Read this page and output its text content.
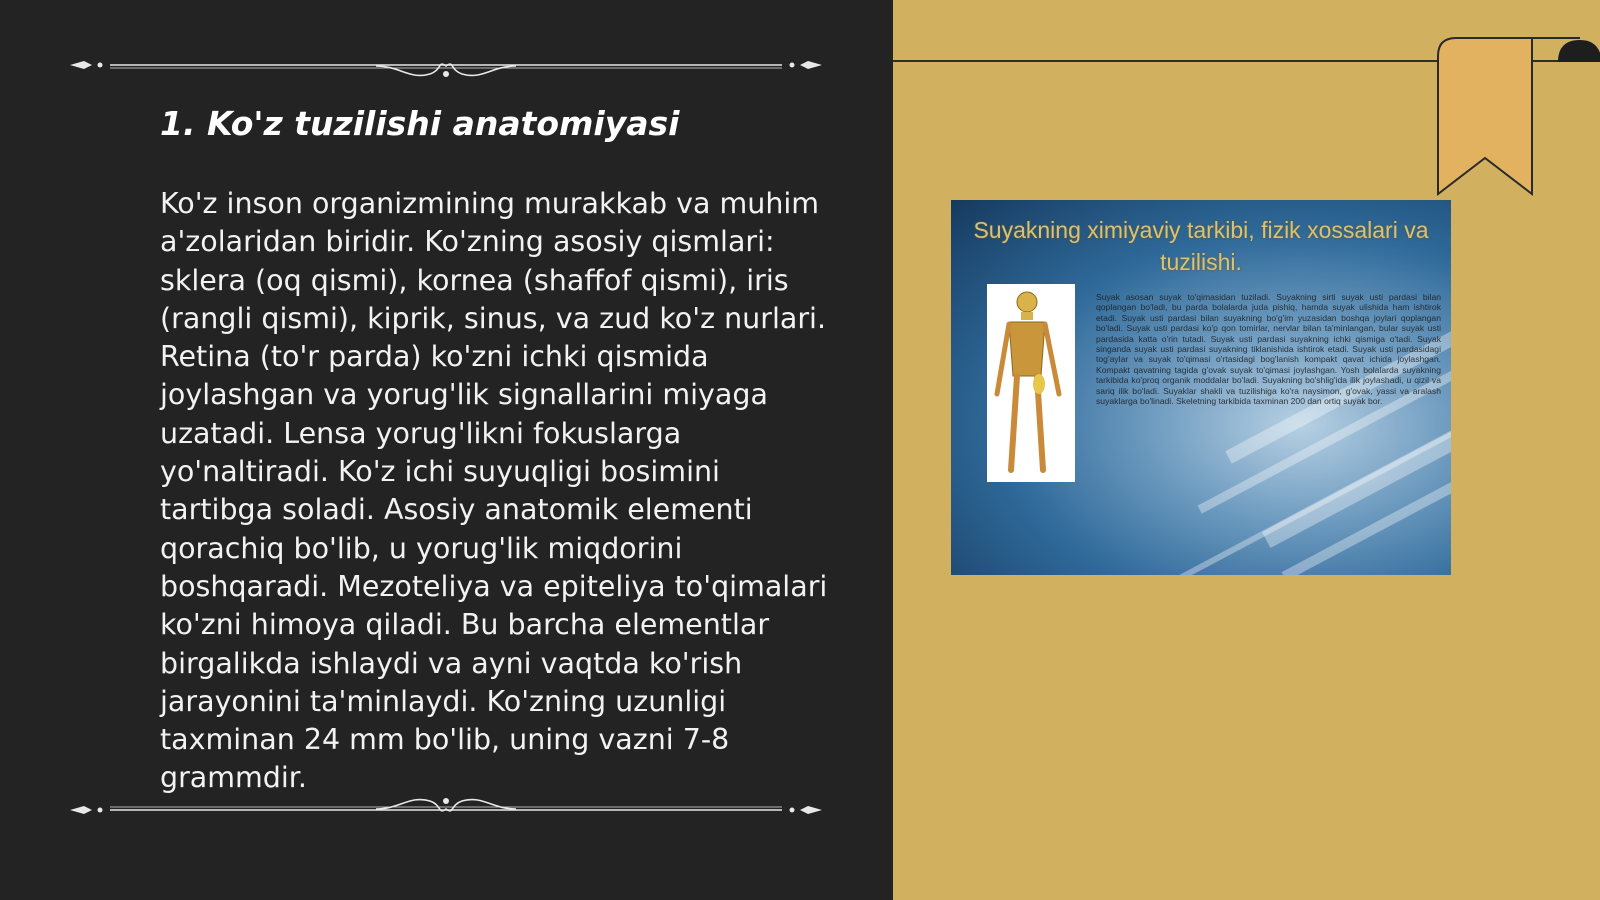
1. Ko'z tuzilishi anatomiyasi

Ko'z inson organizmining murakkab va muhim a'zolaridan biridir. Ko'zning asosiy qismlari: sklera (oq qismi), kornea (shaffof qismi), iris (rangli qismi), kiprik, sinus, va zud ko'z nurlari. Retina (to'r parda) ko'zni ichki qismida joylashgan va yorug'lik signallarini miyaga uzatadi. Lensa yorug'likni fokuslarga yo'naltiradi. Ko'z ichi suyuqligi bosimini tartibga soladi. Asosiy anatomik elementi qorachiq bo'lib, u yorug'lik miqdorini boshqaradi. Mezoteliya va epiteliya to'qimalari ko'zni himoya qiladi. Bu barcha elementlar birgalikda ishlaydi va ayni vaqtda ko'rish jarayonini ta'minlaydi. Ko'zning uzunligi taxminan 24 mm bo'lib, uning vazni 7-8 grammdir.

Suyakning ximiyaviy tarkibi, fizik xossalari va tuzilishi.
Suyak asosan suyak to'qimasidan tuziladi. Suyakning sirti suyak usti pardasi bilan qoplangan bo'ladi, bu parda bolalarda juda pishiq, hamda suyak ulishida ham ishtirok etadi. Suyak usti pardasi bilan suyakning bo'g'im yuzasidan boshqa joylari qoplangan bo'ladi. Suyak usti pardasi ko'p qon tomirlar, nervlar bilan ta'minlangan, bular suyak usti pardasida katta o'rin tutadi. Suyak usti pardasi suyakning ichki qismiga o'tadi. Suyak singanda suyak usti pardasi suyakning tiklanishida ishtirok etadi. Suyak usti pardasidagi tog'aylar va suyak to'qimasi o'rtasidagi bog'lanish kompakt qavat ichida joylashgan. Kompakt qavatning tagida g'ovak suyak to'qimasi joylashgan. Yosh bolalarda suyakning tarkibida ko'proq organik moddalar bo'ladi. Suyakning bo'shlig'ida ilik joylashadi, u qizil va sariq ilik bo'ladi. Suyaklar shakli va tuzilishiga ko'ra naysimon, g'ovak, yassi va aralash suyaklarga bo'linadi. Skeletning tarkibida taxminan 200 dan ortiq suyak bor.
